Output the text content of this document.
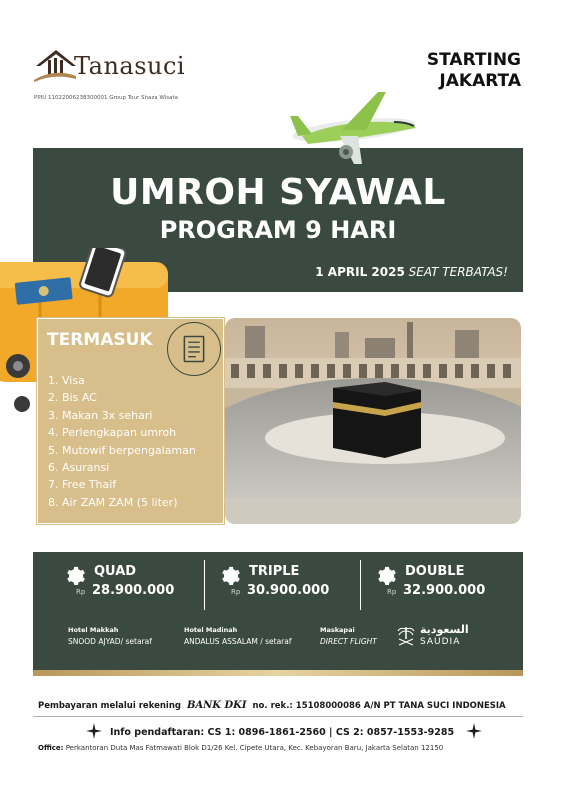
Tanasuci
PPIU 11022006238300001 Group Tour Shaza Wisata
STARTING
JAKARTA
UMROH SYAWAL
PROGRAM 9 HARI
1 APRIL 2025 SEAT TERBATAS!
TERMASUK
1. Visa
2. Bis AC
3. Makan 3x sehari
4. Perlengkapan umroh
5. Mutowif berpengalaman
6. Asuransi
7. Free Thaif
8. Air ZAM ZAM (5 liter)
QUAD
Rp 28.900.000
TRIPLE
Rp 30.900.000
DOUBLE
Rp 32.900.000
Hotel Makkah
SNOOD AJYAD/ setaraf
Hotel Madinah
ANDALUS ASSALAM / setaraf
Maskapai
DIRECT FLIGHT
السعودية
SAUDIA
Pembayaran melalui rekening BANK DKI no. rek.: 15108000086 A/N PT TANA SUCI INDONESIA
Info pendaftaran: CS 1: 0896-1861-2560 | CS 2: 0857-1553-9285
Office: Perkantoran Duta Mas Fatmawati Blok D1/26 Kel. Cipete Utara, Kec. Kebayoran Baru, Jakarta Selatan 12150
